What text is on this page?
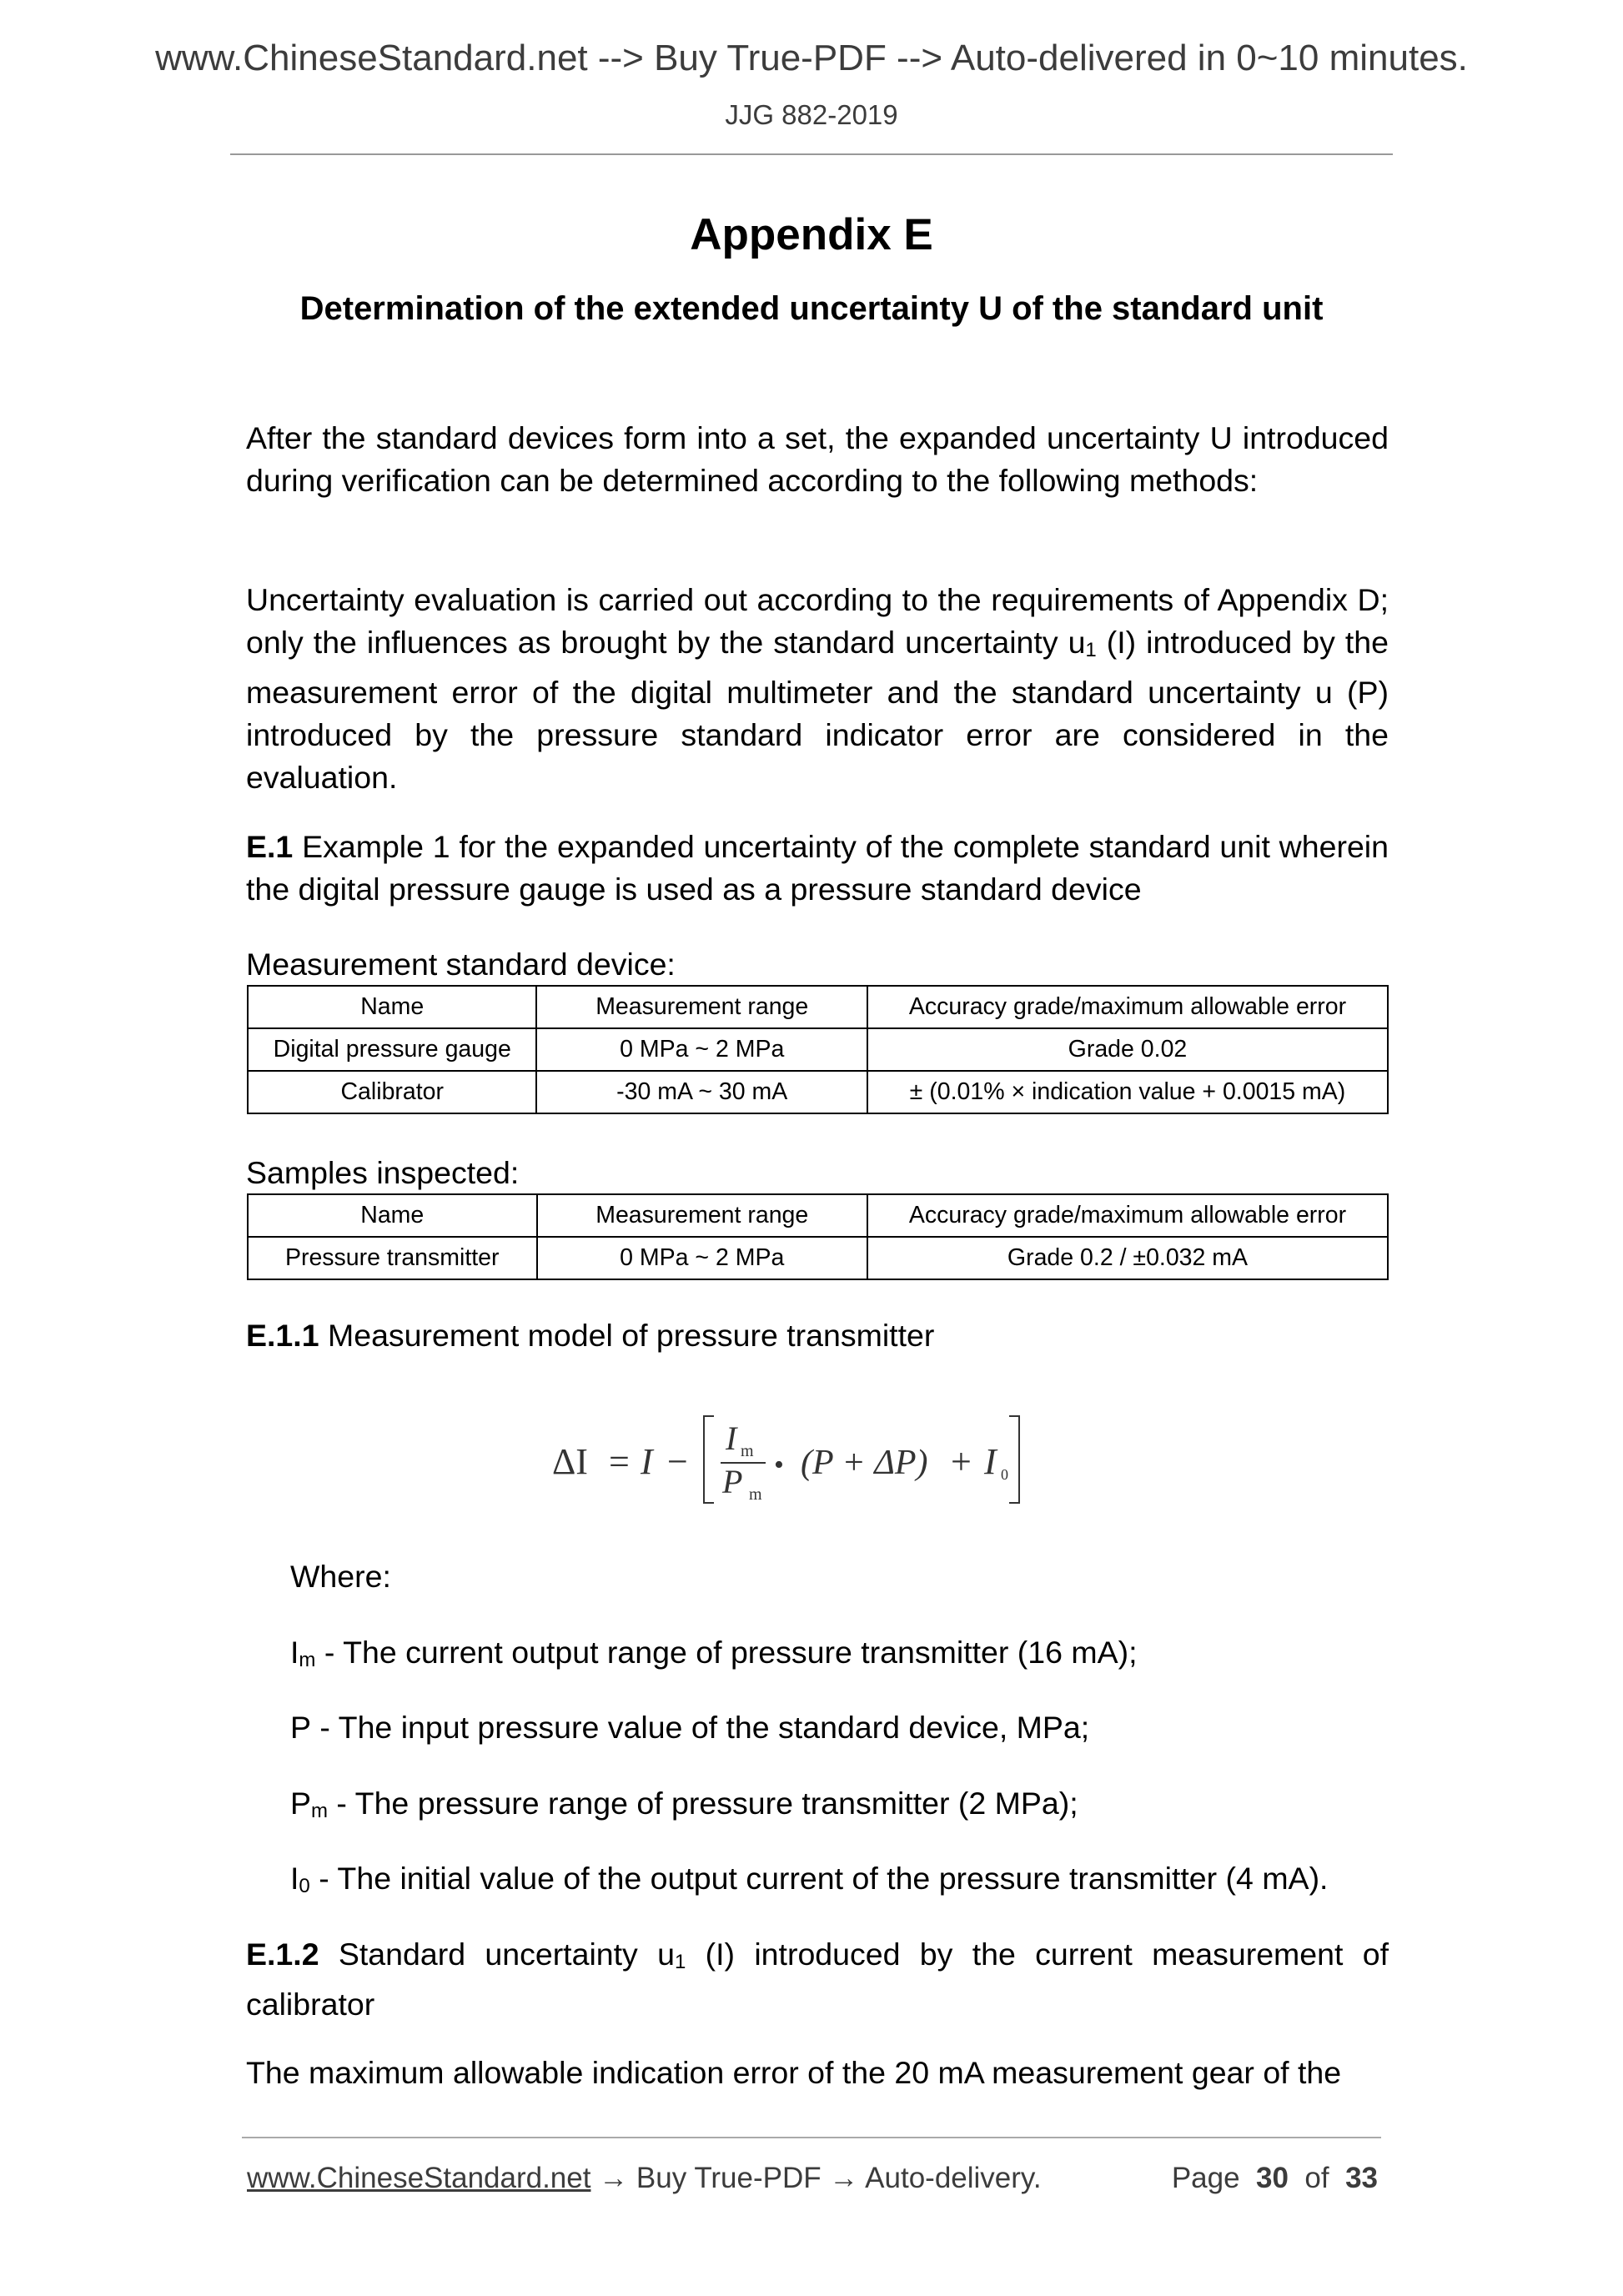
www.ChineseStandard.net --> Buy True-PDF --> Auto-delivered in 0~10 minutes.
JJG 882-2019
Appendix E
Determination of the extended uncertainty U of the standard unit

After the standard devices form into a set, the expanded uncertainty U introduced during verification can be determined according to the following methods:

Uncertainty evaluation is carried out according to the requirements of Appendix D; only the influences as brought by the standard uncertainty u1 (I) introduced by the measurement error of the digital multimeter and the standard uncertainty u (P) introduced by the pressure standard indicator error are considered in the evaluation.

E.1 Example 1 for the expanded uncertainty of the complete standard unit wherein the digital pressure gauge is used as a pressure standard device

Measurement standard device:

Name	Measurement range	Accuracy grade/maximum allowable error
Digital pressure gauge	0 MPa ~ 2 MPa	Grade 0.02
Calibrator	-30 mA ~ 30 mA	± (0.01% × indication value + 0.0015 mA)

Samples inspected:

Name	Measurement range	Accuracy grade/maximum allowable error
Pressure transmitter	0 MPa ~ 2 MPa	Grade 0.2 / ±0.032 mA

E.1.1 Measurement model of pressure transmitter

ΔI = I −
I m
P m
• (P + ΔP) + I 0

Where:

Im - The current output range of pressure transmitter (16 mA);

P - The input pressure value of the standard device, MPa;

Pm - The pressure range of pressure transmitter (2 MPa);

I0 - The initial value of the output current of the pressure transmitter (4 mA).

E.1.2 Standard uncertainty u1 (I) introduced by the current measurement of calibrator

The maximum allowable indication error of the 20 mA measurement gear of the

www.ChineseStandard.net → Buy True-PDF → Auto-delivery.	Page 30 of 33
